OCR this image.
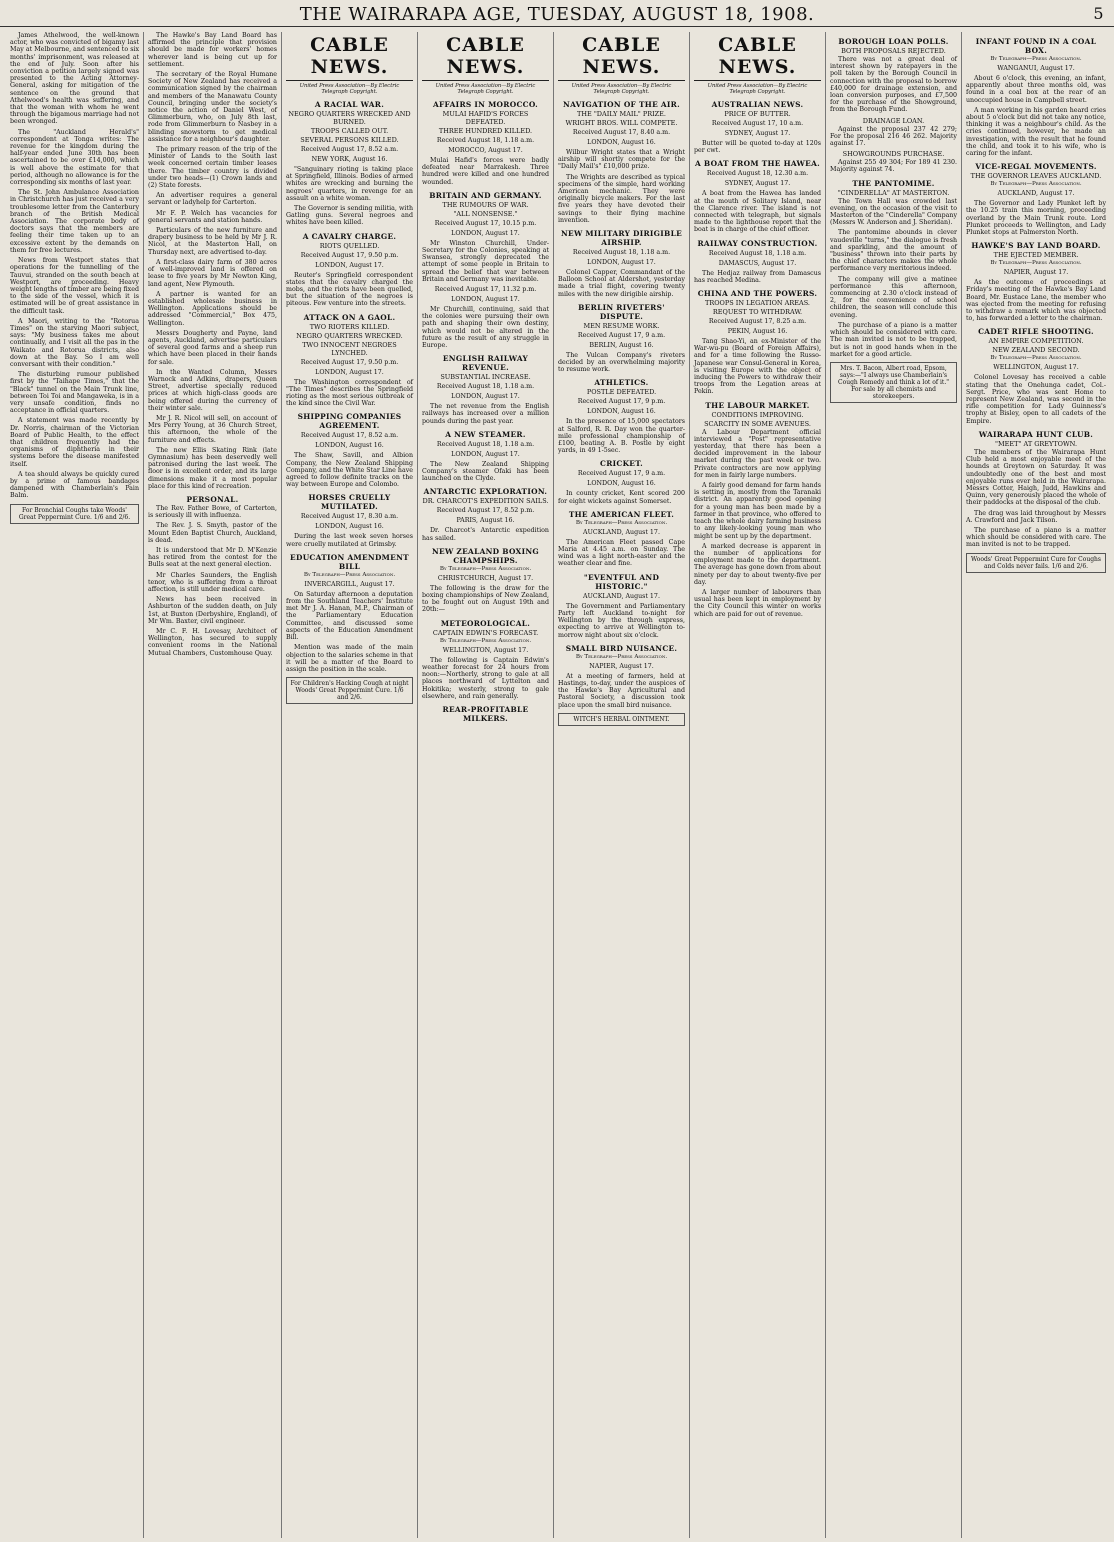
THE WAIRARAPA AGE, TUESDAY, AUGUST 18, 1908.	5

James Athelwood, the well-known actor, who was convicted of bigamy last May at Melbourne, and sentenced to six months' imprisonment, was released at the end of July. Soon after his conviction a petition largely signed was presented to the Acting Attorney-General, asking for mitigation of the sentence on the ground that Athelwood's health was suffering, and that the woman with whom he went through the bigamous marriage had not been wronged.

The "Auckland Herald's" correspondent at Tonga writes: The revenue for the kingdom during the half-year ended June 30th has been ascertained to be over £14,000, which is well above the estimate for that period, although no allowance is for the corresponding six months of last year.

The St. John Ambulance Association in Christchurch has just received a very troublesome letter from the Canterbury branch of the British Medical Association. The corporate body of doctors says that the members are feeling their time taken up to an excessive extent by the demands on them for free lectures.

News from Westport states that operations for the tunnelling of the Tauvui, stranded on the south beach at Westport, are proceeding. Heavy weight lengths of timber are being fixed to the side of the vessel, which it is estimated will be of great assistance in the difficult task.

A Maori, writing to the "Rotorua Times" on the starving Maori subject, says: "My business takes me about continually, and I visit all the pas in the Waikato and Rotorua districts, also down at the Bay. So I am well conversant with their condition."

The disturbing rumour published first by the "Taihape Times," that the "Black" tunnel on the Main Trunk line, between Toi Toi and Mangaweka, is in a very unsafe condition, finds no acceptance in official quarters.

A statement was made recently by Dr. Norris, chairman of the Victorian Board of Public Health, to the effect that children frequently had the organisms of diphtheria in their systems before the disease manifested itself.

A tea should always be quickly cured by a prime of famous bandages dampened with Chamberlain's Pain Balm.

For Bronchial Coughs take Woods' Great Peppermint Cure. 1/6 and 2/6.

The Hawke's Bay Land Board has affirmed the principle that provision should be made for workers' homes wherever land is being cut up for settlement.

The secretary of the Royal Humane Society of New Zealand has received a communication signed by the chairman and members of the Manawatu County Council, bringing under the society's notice the action of Daniel West, of Glimmerburn, who, on July 8th last, rode from Glimmerburn to Nasbey in a blinding snowstorm to get medical assistance for a neighbour's daughter.

The primary reason of the trip of the Minister of Lands to the South last week concerned certain timber leases there. The timber country is divided under two heads—(1) Crown lands and (2) State forests.

An advertiser requires a general servant or ladyhelp for Carterton.

Mr F. P. Welch has vacancies for general servants and station hands.

Particulars of the new furniture and drapery business to be held by Mr J. R. Nicol, at the Masterton Hall, on Thursday next, are advertised to-day.

A first-class dairy farm of 380 acres of well-improved land is offered on lease to five years by Mr Newton King, land agent, New Plymouth.

A partner is wanted for an established wholesale business in Wellington. Applications should be addressed "Commercial," Box 475, Wellington.

Messrs Dougherty and Payne, land agents, Auckland, advertise particulars of several good farms and a sheep run which have been placed in their hands for sale.

In the Wanted Column, Messrs Warnock and Adkins, drapers, Queen Street, advertise specially reduced prices at which high-class goods are being offered during the currency of their winter sale.

Mr J. R. Nicol will sell, on account of Mrs Perry Young, at 36 Church Street, this afternoon, the whole of the furniture and effects.

The new Ellis Skating Rink (late Gymnasium) has been deservedly well patronised during the last week. The floor is in excellent order, and its large dimensions make it a most popular place for this kind of recreation.

PERSONAL.

The Rev. Father Bowe, of Carterton, is seriously ill with influenza.

The Rev. J. S. Smyth, pastor of the Mount Eden Baptist Church, Auckland, is dead.

It is understood that Mr D. M'Kenzie has retired from the contest for the Bulls seat at the next general election.

Mr Charles Saunders, the English tenor, who is suffering from a throat affection, is still under medical care.

News has been received in Ashburton of the sudden death, on July 1st, at Buxton (Derbyshire, England), of Mr Wm. Baxter, civil engineer.

Mr C. F. H. Lovesay, Architect of Wellington, has secured to supply convenient rooms in the National Mutual Chambers, Customhouse Quay.

CABLE NEWS.
United Press Association—By Electric Telegraph Copyright.
A RACIAL WAR.
NEGRO QUARTERS WRECKED AND BURNED.
TROOPS CALLED OUT.
SEVERAL PERSONS KILLED.
Received August 17, 8.52 a.m.
NEW YORK, August 16.

"Sanguinary rioting is taking place at Springfield, Illinois. Bodies of armed whites are wrecking and burning the negroes' quarters, in revenge for an assault on a white woman.

The Governor is sending militia, with Gatling guns. Several negroes and whites have been killed.

A CAVALRY CHARGE.
RIOTS QUELLED.
Received August 17, 9.50 p.m.
LONDON, August 17.

Reuter's Springfield correspondent states that the cavalry charged the mobs, and the riots have been quelled, but the situation of the negroes is piteous. Few venture into the streets.

ATTACK ON A GAOL.
TWO RIOTERS KILLED.
NEGRO QUARTERS WRECKED.
TWO INNOCENT NEGROES LYNCHED.
Received August 17, 9.50 p.m.
LONDON, August 17.

The Washington correspondent of "The Times" describes the Springfield rioting as the most serious outbreak of the kind since the Civil War.

SHIPPING COMPANIES AGREEMENT.
Received August 17, 8.52 a.m.
LONDON, August 16.

The Shaw, Savill, and Albion Company, the New Zealand Shipping Company, and the White Star Line have agreed to follow definite tracks on the way between Europe and Colombo.

HORSES CRUELLY MUTILATED.
Received August 17, 8.30 a.m.
LONDON, August 16.

During the last week seven horses were cruelly mutilated at Grimsby.

EDUCATION AMENDMENT BILL
By Telegraph—Press Association.
INVERCARGILL, August 17.

On Saturday afternoon a deputation from the Southland Teachers' Institute met Mr J. A. Hanan, M.P., Chairman of the Parliamentary Education Committee, and discussed some aspects of the Education Amendment Bill.

Mention was made of the main objection to the salaries scheme in that it will be a matter of the Board to assign the position in the scale.

For Children's Hacking Cough at night Woods' Great Peppermint Cure. 1/6 and 2/6.
CABLE NEWS.
United Press Association—By Electric Telegraph Copyright.
AFFAIRS IN MOROCCO.
MULAI HAFID'S FORCES DEFEATED.
THREE HUNDRED KILLED.
Received August 18, 1.18 a.m.
MOROCCO, August 17.

Mulai Hafid's forces were badly defeated near Marrakesh. Three hundred were killed and one hundred wounded.

BRITAIN AND GERMANY.
THE RUMOURS OF WAR.
"ALL NONSENSE."
Received August 17, 10.15 p.m.
LONDON, August 17.

Mr Winston Churchill, Under-Secretary for the Colonies, speaking at Swansea, strongly deprecated the attempt of some people in Britain to spread the belief that war between Britain and Germany was inevitable.

Received August 17, 11.32 p.m.
LONDON, August 17.

Mr Churchill, continuing, said that the colonies were pursuing their own path and shaping their own destiny, which would not be altered in the future as the result of any struggle in Europe.

ENGLISH RAILWAY REVENUE.
SUBSTANTIAL INCREASE.
Received August 18, 1.18 a.m.
LONDON, August 17.

The net revenue from the English railways has increased over a million pounds during the past year.

A NEW STEAMER.
Received August 18, 1.18 a.m.
LONDON, August 17.

The New Zealand Shipping Company's steamer Ofaki has been launched on the Clyde.

ANTARCTIC EXPLORATION.
DR. CHARCOT'S EXPEDITION SAILS.
Received August 17, 8.52 p.m.
PARIS, August 16.

Dr. Charcot's Antarctic expedition has sailed.

NEW ZEALAND BOXING CHAMPSHIPS.
By Telegraph—Press Association.
CHRISTCHURCH, August 17.

The following is the draw for the boxing championships of New Zealand, to be fought out on August 19th and 20th:—

METEOROLOGICAL.
CAPTAIN EDWIN'S FORECAST.
By Telegraph—Press Association.
WELLINGTON, August 17.

The following is Captain Edwin's weather forecast for 24 hours from noon:—Northerly, strong to gale at all places northward of Lyttelton and Hokitika; westerly, strong to gale elsewhere, and rain generally.

REAR-PROFITABLE MILKERS.
CABLE NEWS.
United Press Association—By Electric Telegraph Copyright.
NAVIGATION OF THE AIR.
THE "DAILY MAIL" PRIZE.
WRIGHT BROS. WILL COMPETE.
Received August 17, 8.40 a.m.
LONDON, August 16.

Wilbur Wright states that a Wright airship will shortly compete for the "Daily Mail's" £10,000 prize.

The Wrights are described as typical specimens of the simple, hard working American mechanic. They were originally bicycle makers. For the last five years they have devoted their savings to their flying machine invention.

NEW MILITARY DIRIGIBLE AIRSHIP.
Received August 18, 1.18 a.m.
LONDON, August 17.

Colonel Capper, Commandant of the Balloon School at Aldershot, yesterday made a trial flight, covering twenty miles with the new dirigible airship.

BERLIN RIVETERS' DISPUTE.
MEN RESUME WORK.
Received August 17, 9 a.m.
BERLIN, August 16.

The Vulcan Company's riveters decided by an overwhelming majority to resume work.

ATHLETICS.
POSTLE DEFEATED.
Received August 17, 9 p.m.
LONDON, August 16.

In the presence of 15,000 spectators at Salford, R. R. Day won the quarter-mile professional championship of £100, beating A. B. Postle by eight yards, in 49 1-5sec.

CRICKET.
Received August 17, 9 a.m.
LONDON, August 16.

In county cricket, Kent scored 200 for eight wickets against Somerset.

THE AMERICAN FLEET.
By Telegraph—Press Association.
AUCKLAND, August 17.

The American Fleet passed Cape Maria at 4.45 a.m. on Sunday. The wind was a light north-easter and the weather clear and fine.

"EVENTFUL AND HISTORIC."
AUCKLAND, August 17.

The Government and Parliamentary Party left Auckland to-night for Wellington by the through express, expecting to arrive at Wellington to-morrow night about six o'clock.

SMALL BIRD NUISANCE.
By Telegraph—Press Association.
NAPIER, August 17.

At a meeting of farmers, held at Hastings, to-day, under the auspices of the Hawke's Bay Agricultural and Pastoral Society, a discussion took place upon the small bird nuisance.

WITCH'S HERBAL OINTMENT.
CABLE NEWS.
United Press Association—By Electric Telegraph Copyright.
AUSTRALIAN NEWS.
PRICE OF BUTTER.
Received August 17, 10 a.m.
SYDNEY, August 17.

Butter will be quoted to-day at 120s per cwt.

A BOAT FROM THE HAWEA.
Received August 18, 12.30 a.m.
SYDNEY, August 17.

A boat from the Hawea has landed at the mouth of Solitary Island, near the Clarence river. The island is not connected with telegraph, but signals made to the lighthouse report that the boat is in charge of the chief officer.

RAILWAY CONSTRUCTION.
Received August 18, 1.18 a.m.
DAMASCUS, August 17.

The Hedjaz railway from Damascus has reached Medina.

CHINA AND THE POWERS.
TROOPS IN LEGATION AREAS.
REQUEST TO WITHDRAW.
Received August 17, 8.25 a.m.
PEKIN, August 16.

Tang Shao-Yi, an ex-Minister of the War-wu-pu (Board of Foreign Affairs), and for a time following the Russo-Japanese war Consul-General in Korea, is visiting Europe with the object of inducing the Powers to withdraw their troops from the Legation areas at Pekin.

THE LABOUR MARKET.
CONDITIONS IMPROVING.
SCARCITY IN SOME AVENUES.

A Labour Department official interviewed a "Post" representative yesterday, that there has been a decided improvement in the labour market during the past week or two. Private contractors are now applying for men in fairly large numbers.

A fairly good demand for farm hands is setting in, mostly from the Taranaki district. An apparently good opening for a young man has been made by a farmer in that province, who offered to teach the whole dairy farming business to any likely-looking young man who might be sent up by the department.

A marked decrease is apparent in the number of applications for employment made to the department. The average has gone down from about ninety per day to about twenty-five per day.

A larger number of labourers than usual has been kept in employment by the City Council this winter on works which are paid for out of revenue.

BOROUGH LOAN POLLS.
BOTH PROPOSALS REJECTED.

There was not a great deal of interest shown by ratepayers in the poll taken by the Borough Council in connection with the proposal to borrow £40,000 for drainage extension, and loan conversion purposes, and £7,500 for the purchase of the Showground, from the Borough Fund.

DRAINAGE LOAN.

Against the proposal 237 42 279; For the proposal 216 46 262. Majority against 17.

SHOWGROUNDS PURCHASE.

Against 255 49 304; For 189 41 230. Majority against 74.

THE PANTOMIME.
"CINDERELLA" AT MASTERTON.

The Town Hall was crowded last evening, on the occasion of the visit to Masterton of the "Cinderella" Company (Messrs W. Anderson and J. Sheridan).

The pantomime abounds in clever vaudeville "turns," the dialogue is fresh and sparkling, and the amount of "business" thrown into their parts by the chief characters makes the whole performance very meritorious indeed.

The company will give a matinee performance this afternoon, commencing at 2.30 o'clock instead of 2, for the convenience of school children, the season will conclude this evening.

The purchase of a piano is a matter which should be considered with care. The man invited is not to be trapped, but is not in good hands when in the market for a good article.

Mrs. T. Bacon, Albert road, Epsom, says:—"I always use Chamberlain's Cough Remedy and think a lot of it." For sale by all chemists and storekeepers.
INFANT FOUND IN A COAL BOX.
By Telegraph—Press Association.
WANGANUI, August 17.

About 6 o'clock, this evening, an infant, apparently about three months old, was found in a coal box at the rear of an unoccupied house in Campbell street.

A man working in his garden heard cries about 5 o'clock but did not take any notice, thinking it was a neighbour's child. As the cries continued, however, he made an investigation, with the result that he found the child, and took it to his wife, who is caring for the infant.

VICE-REGAL MOVEMENTS.
THE GOVERNOR LEAVES AUCKLAND.
By Telegraph—Press Association.
AUCKLAND, August 17.

The Governor and Lady Plunket left by the 10.25 train this morning, proceeding overland by the Main Trunk route. Lord Plunket proceeds to Wellington, and Lady Plunket stops at Palmerston North.

HAWKE'S BAY LAND BOARD.
THE EJECTED MEMBER.
By Telegraph—Press Association.
NAPIER, August 17.

As the outcome of proceedings at Friday's meeting of the Hawke's Bay Land Board, Mr. Eustace Lane, the member who was ejected from the meeting for refusing to withdraw a remark which was objected to, has forwarded a letter to the chairman.

CADET RIFLE SHOOTING.
AN EMPIRE COMPETITION.
NEW ZEALAND SECOND.
By Telegraph—Press Association.
WELLINGTON, August 17.

Colonel Lovesay has received a cable stating that the Onehunga cadet, Col.-Sergt. Price, who was sent Home to represent New Zealand, was second in the rifle competition for Lady Guinness's trophy at Bisley, open to all cadets of the Empire.

WAIRARAPA HUNT CLUB.
"MEET" AT GREYTOWN.

The members of the Wairarapa Hunt Club held a most enjoyable meet of the hounds at Greytown on Saturday. It was undoubtedly one of the best and most enjoyable runs ever held in the Wairarapa. Messrs Cotter, Haigh, Judd, Hawkins and Quinn, very generously placed the whole of their paddocks at the disposal of the club.

The drag was laid throughout by Messrs A. Crawford and Jack Tilson.

The purchase of a piano is a matter which should be considered with care. The man invited is not to be trapped.

Woods' Great Peppermint Cure for Coughs and Colds never fails. 1/6 and 2/6.
